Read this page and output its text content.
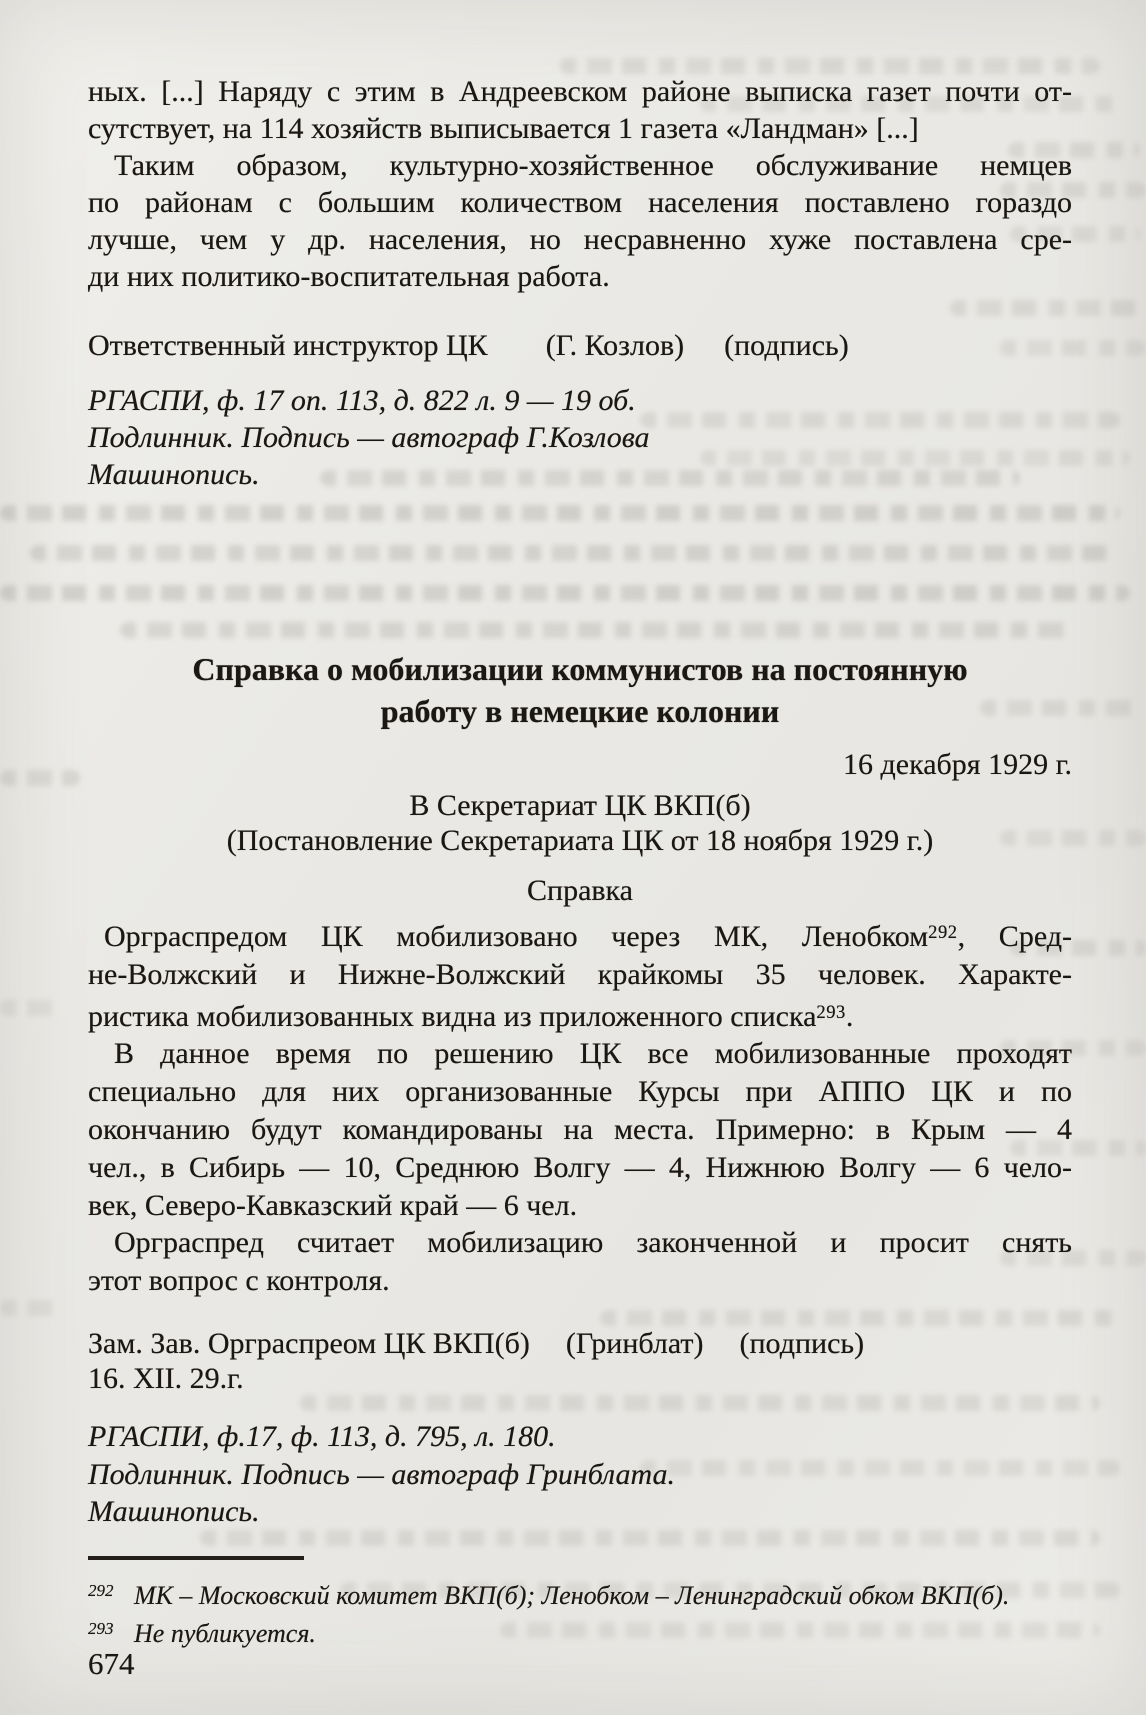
ных. [...] Наряду с этим в Андреевском районе выписка газет почти от-
сутствует, на 114 хозяйств выписывается 1 газета «Ландман» [...]
Таким образом, культурно-хозяйственное обслуживание немцев
по районам с большим количеством населения поставлено гораздо
лучше, чем у др. населения, но несравненно хуже поставлена сре-
ди них политико-воспитательная работа.
Ответственный инструктор ЦК (Г. Козлов) (подпись)
РГАСПИ, ф. 17 оп. 113, д. 822 л. 9 — 19 об.
Подлинник. Подпись — автограф Г.Козлова
Машинопись.
Справка о мобилизации коммунистов на постоянную
работу в немецкие колонии
16 декабря 1929 г.
В Секретариат ЦК ВКП(б)
(Постановление Секретариата ЦК от 18 ноября 1929 г.)
Справка
Орграспредом ЦК мобилизовано через МК, Ленобком$^{292}$, Сред-
не-Волжский и Нижне-Волжский крайкомы 35 человек. Характе-
ристика мобилизованных видна из приложенного списка$^{293}$.
В данное время по решению ЦК все мобилизованные проходят
специально для них организованные Курсы при АППО ЦК и по
окончанию будут командированы на места. Примерно: в Крым — 4
чел., в Сибирь — 10, Среднюю Волгу — 4, Нижнюю Волгу — 6 чело-
век, Северо-Кавказский край — 6 чел.
Орграспред считает мобилизацию законченной и просит снять
этот вопрос с контроля.
Зам. Зав. Орграспреом ЦК ВКП(б) (Гринблат) (подпись)
16. XII. 29.г.
РГАСПИ, ф.17, ф. 113, д. 795, л. 180.
Подлинник. Подпись — автограф Гринблата.
Машинопись.
292 МК – Московский комитет ВКП(б); Ленобком – Ленинградский обком ВКП(б).
293 Не публикуется.
674
